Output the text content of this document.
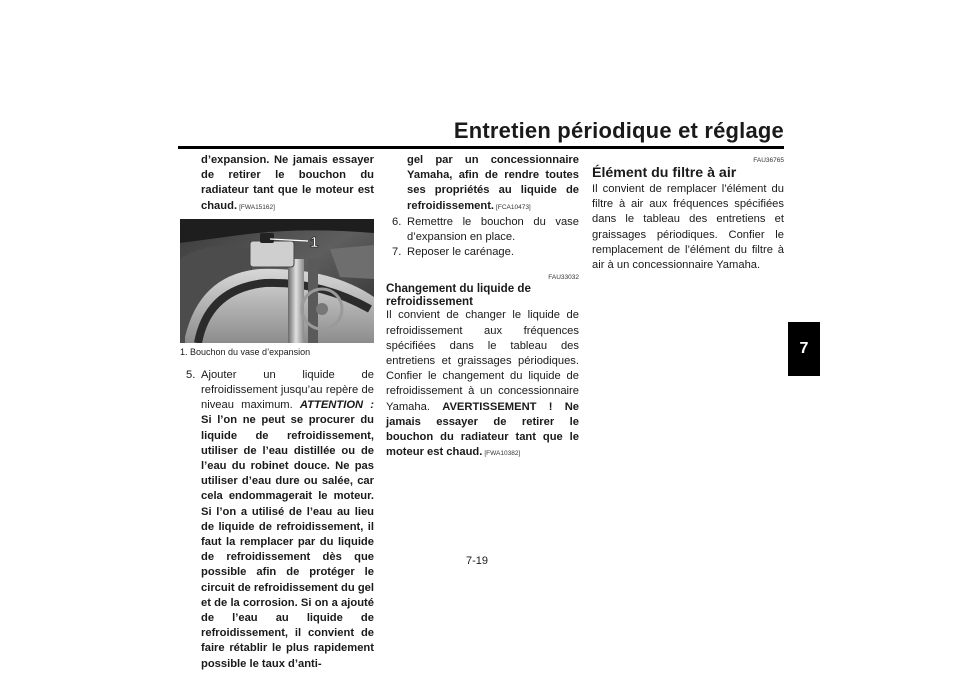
Entretien périodique et réglage
7

d’expansion. Ne jamais essayer de retirer le bouchon du radiateur tant que le moteur est chaud. [FWA15162]

1

1. Bouchon du vase d’expansion

5. Ajouter un liquide de refroidissement jusqu’au repère de niveau maximum. ATTENTION : Si l’on ne peut se procurer du liquide de refroidissement, utiliser de l’eau distillée ou de l’eau du robinet douce. Ne pas utiliser d’eau dure ou salée, car cela endommagerait le moteur. Si l’on a utilisé de l’eau au lieu de liquide de refroidissement, il faut la remplacer par du liquide de refroidissement dès que possible afin de protéger le circuit de refroidissement du gel et de la corrosion. Si on a ajouté de l’eau au liquide de refroidissement, il convient de faire rétablir le plus rapidement possible le taux d’anti-

gel par un concessionnaire Yamaha, afin de rendre toutes ses propriétés au liquide de refroidissement. [FCA10473]

6. Remettre le bouchon du vase d’expansion en place.
7. Reposer le carénage.

FAU33032

Changement du liquide de refroidissement

Il convient de changer le liquide de refroidissement aux fréquences spécifiées dans le tableau des entretiens et graissages périodiques. Confier le changement du liquide de refroidissement à un concessionnaire Yamaha. AVERTISSEMENT ! Ne jamais essayer de retirer le bouchon du radiateur tant que le moteur est chaud. [FWA10382]

FAU36765

Élément du filtre à air

Il convient de remplacer l’élément du filtre à air aux fréquences spécifiées dans le tableau des entretiens et graissages périodiques. Confier le remplacement de l’élément du filtre à air à un concessionnaire Yamaha.

7-19
